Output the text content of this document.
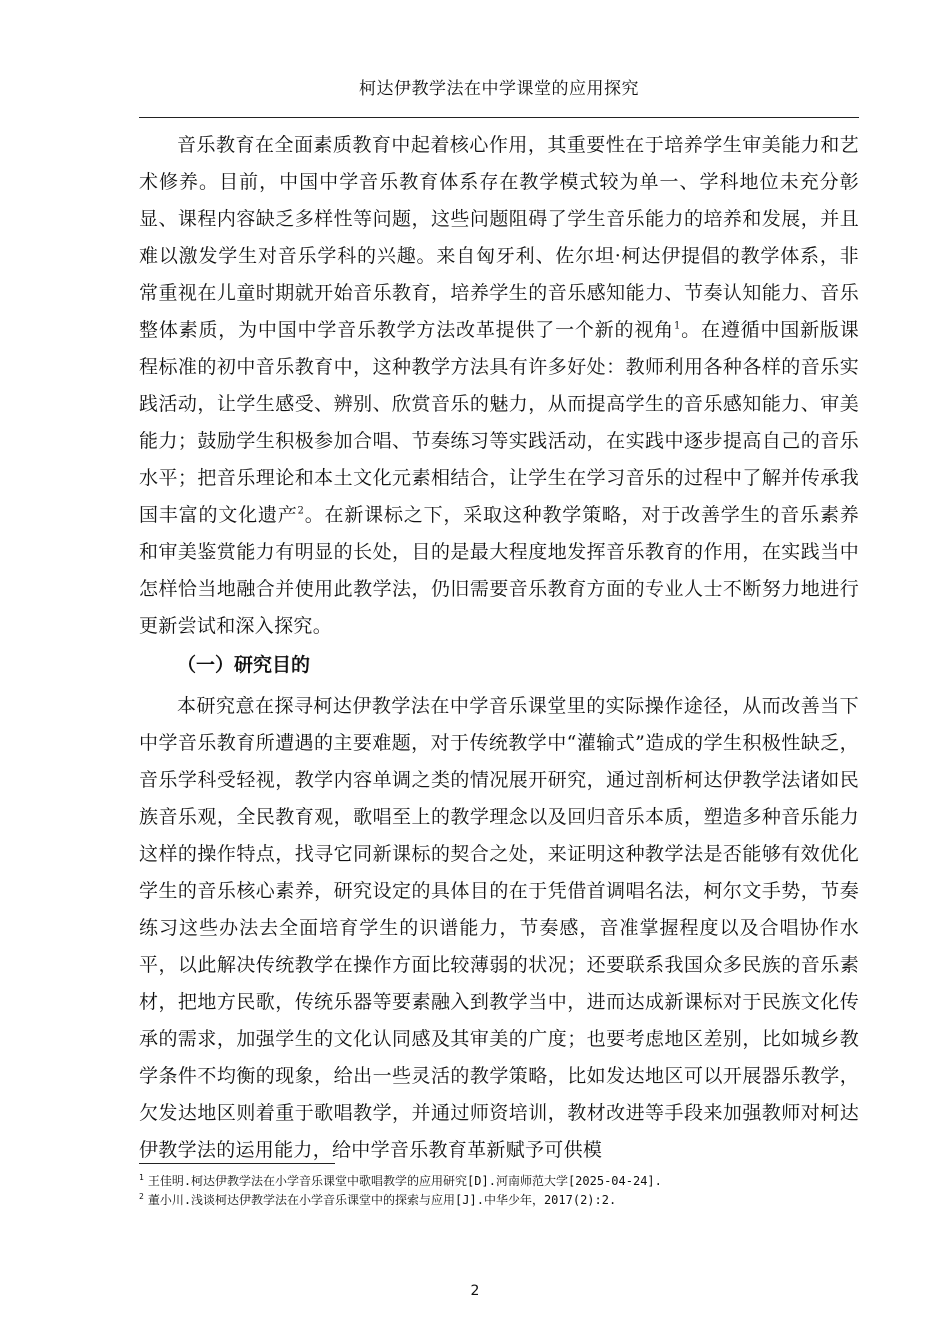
柯达伊教学法在中学课堂的应用探究

音乐教育在全面素质教育中起着核心作用，其重要性在于培养学生审美能力和艺术修养。目前，中国中学音乐教育体系存在教学模式较为单一、学科地位未充分彰显、课程内容缺乏多样性等问题，这些问题阻碍了学生音乐能力的培养和发展，并且难以激发学生对音乐学科的兴趣。来自匈牙利、佐尔坦·柯达伊提倡的教学体系，非常重视在儿童时期就开始音乐教育，培养学生的音乐感知能力、节奏认知能力、音乐整体素质，为中国中学音乐教学方法改革提供了一个新的视角$^1$。在遵循中国新版课程标准的初中音乐教育中，这种教学方法具有许多好处：教师利用各种各样的音乐实践活动，让学生感受、辨别、欣赏音乐的魅力，从而提高学生的音乐感知能力、审美能力；鼓励学生积极参加合唱、节奏练习等实践活动，在实践中逐步提高自己的音乐水平；把音乐理论和本土文化元素相结合，让学生在学习音乐的过程中了解并传承我国丰富的文化遗产$^2$。在新课标之下，采取这种教学策略，对于改善学生的音乐素养和审美鉴赏能力有明显的长处，目的是最大程度地发挥音乐教育的作用，在实践当中怎样恰当地融合并使用此教学法，仍旧需要音乐教育方面的专业人士不断努力地进行更新尝试和深入探究。

（一）研究目的

本研究意在探寻柯达伊教学法在中学音乐课堂里的实际操作途径，从而改善当下中学音乐教育所遭遇的主要难题，对于传统教学中“灌输式”造成的学生积极性缺乏，音乐学科受轻视，教学内容单调之类的情况展开研究，通过剖析柯达伊教学法诸如民族音乐观，全民教育观，歌唱至上的教学理念以及回归音乐本质，塑造多种音乐能力这样的操作特点，找寻它同新课标的契合之处，来证明这种教学法是否能够有效优化学生的音乐核心素养，研究设定的具体目的在于凭借首调唱名法，柯尔文手势，节奏练习这些办法去全面培育学生的识谱能力，节奏感，音准掌握程度以及合唱协作水平，以此解决传统教学在操作方面比较薄弱的状况；还要联系我国众多民族的音乐素材，把地方民歌，传统乐器等要素融入到教学当中，进而达成新课标对于民族文化传承的需求，加强学生的文化认同感及其审美的广度；也要考虑地区差别，比如城乡教学条件不均衡的现象，给出一些灵活的教学策略，比如发达地区可以开展器乐教学，欠发达地区则着重于歌唱教学，并通过师资培训，教材改进等手段来加强教师对柯达伊教学法的运用能力，给中学音乐教育革新赋予可供模

$^1$ 王佳明.柯达伊教学法在小学音乐课堂中歌唱教学的应用研究[D].河南师范大学[2025-04-24].

$^2$ 董小川.浅谈柯达伊教学法在小学音乐课堂中的探索与应用[J].中华少年，2017(2):2.

2
